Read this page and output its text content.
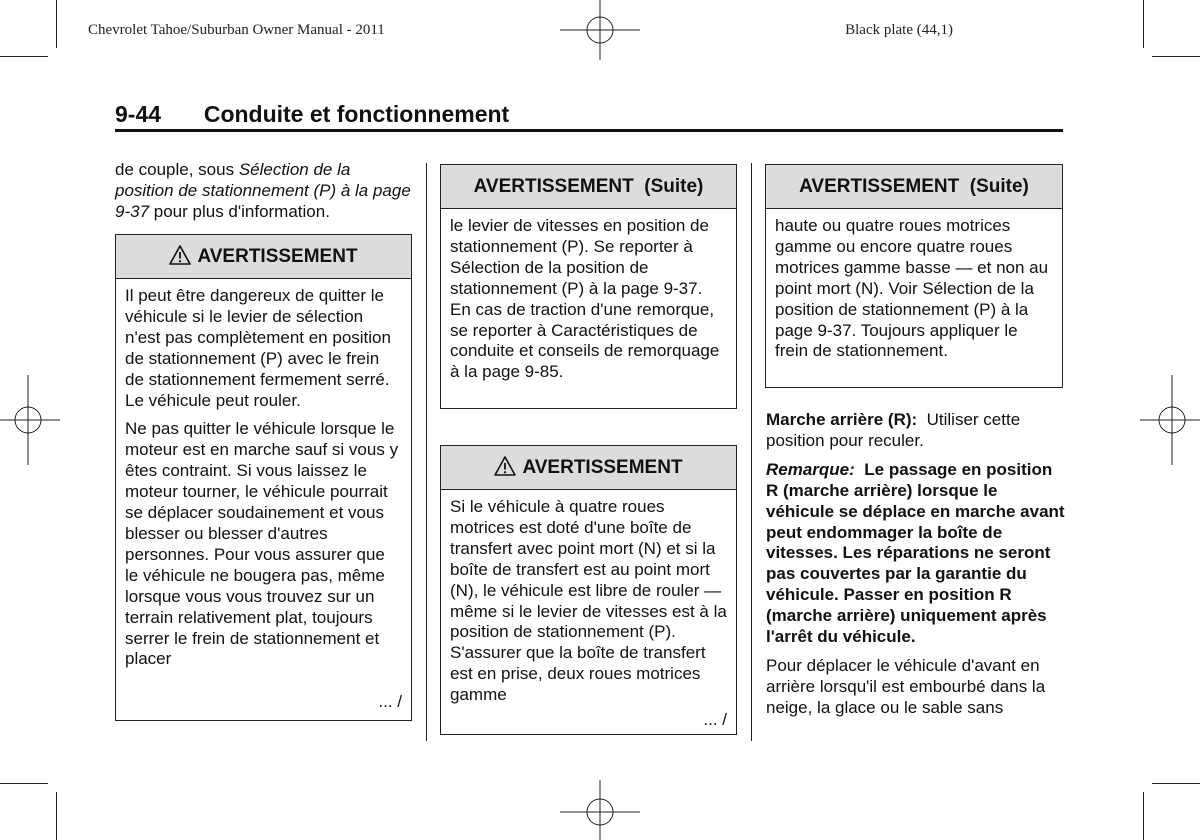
Chevrolet Tahoe/Suburban Owner Manual - 2011	Black plate (44,1)
9-44 Conduite et fonctionnement

de couple, sous Sélection de la position de stationnement (P) à la page 9-37 pour plus d'information.

AVERTISSEMENT

Il peut être dangereux de quitter le véhicule si le levier de sélection n'est pas complètement en position de stationnement (P) avec le frein de stationnement fermement serré. Le véhicule peut rouler.

Ne pas quitter le véhicule lorsque le moteur est en marche sauf si vous y êtes contraint. Si vous laissez le moteur tourner, le véhicule pourrait se déplacer soudainement et vous blesser ou blesser d'autres personnes. Pour vous assurer que le véhicule ne bougera pas, même lorsque vous vous trouvez sur un terrain relativement plat, toujours serrer le frein de stationnement et placer

... /
AVERTISSEMENT  (Suite)

le levier de vitesses en position de stationnement (P). Se reporter à Sélection de la position de stationnement (P) à la page 9-37. En cas de traction d'une remorque, se reporter à Caractéristiques de conduite et conseils de remorquage à la page 9-85.

AVERTISSEMENT

Si le véhicule à quatre roues motrices est doté d'une boîte de transfert avec point mort (N) et si la boîte de transfert est au point mort (N), le véhicule est libre de rouler — même si le levier de vitesses est à la position de stationnement (P). S'assurer que la boîte de transfert est en prise, deux roues motrices gamme

... /
AVERTISSEMENT  (Suite)

haute ou quatre roues motrices gamme ou encore quatre roues motrices gamme basse — et non au point mort (N). Voir Sélection de la position de stationnement (P) à la page 9-37. Toujours appliquer le frein de stationnement.

Marche arrière (R): Utiliser cette position pour reculer.

Remarque: Le passage en position R (marche arrière) lorsque le véhicule se déplace en marche avant peut endommager la boîte de vitesses. Les réparations ne seront pas couvertes par la garantie du véhicule. Passer en position R (marche arrière) uniquement après l'arrêt du véhicule.

Pour déplacer le véhicule d'avant en arrière lorsqu'il est embourbé dans la neige, la glace ou le sable sans
